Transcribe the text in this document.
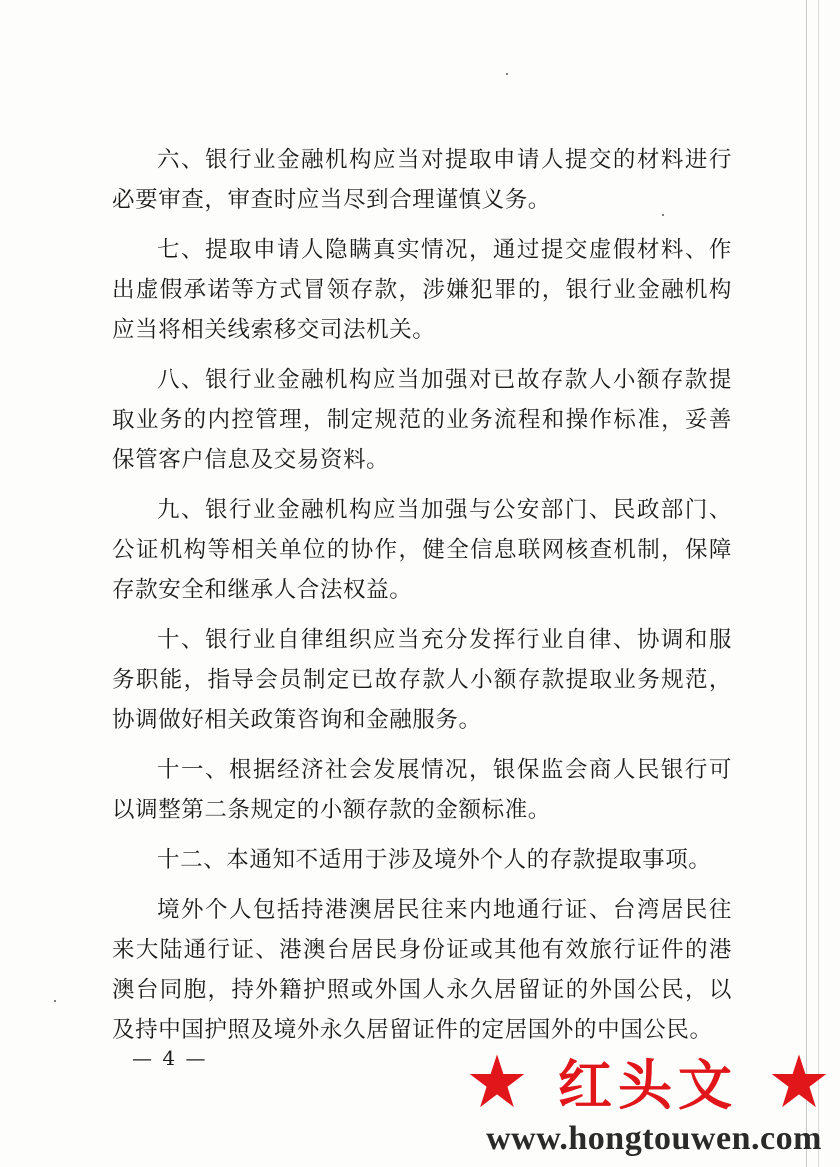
六、银行业金融机构应当对提取申请人提交的材料进行必要审查，审查时应当尽到合理谨慎义务。

七、提取申请人隐瞒真实情况，通过提交虚假材料、作出虚假承诺等方式冒领存款，涉嫌犯罪的，银行业金融机构应当将相关线索移交司法机关。

八、银行业金融机构应当加强对已故存款人小额存款提取业务的内控管理，制定规范的业务流程和操作标准，妥善保管客户信息及交易资料。

九、银行业金融机构应当加强与公安部门、民政部门、公证机构等相关单位的协作，健全信息联网核查机制，保障存款安全和继承人合法权益。

十、银行业自律组织应当充分发挥行业自律、协调和服务职能，指导会员制定已故存款人小额存款提取业务规范，协调做好相关政策咨询和金融服务。

十一、根据经济社会发展情况，银保监会商人民银行可以调整第二条规定的小额存款的金额标准。

十二、本通知不适用于涉及境外个人的存款提取事项。

境外个人包括持港澳居民往来内地通行证、台湾居民往来大陆通行证、港澳台居民身份证或其他有效旅行证件的港澳台同胞，持外籍护照或外国人永久居留证的外国公民，以及持中国护照及境外永久居留证件的定居国外的中国公民。

— 4 —	红头文
www.hongtouwen.com
